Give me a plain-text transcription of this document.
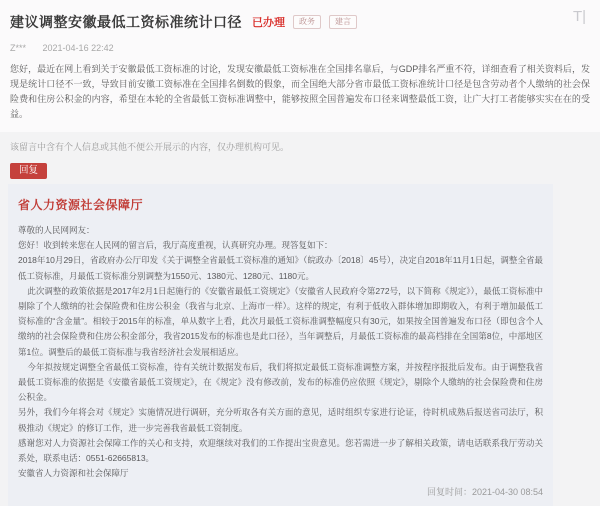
建议调整安徽最低工资标准统计口径 已办理	政务	建言
Z*** 2021-04-16 22:42
您好，最近在网上看到关于安徽最低工资标准的讨论，发现安徽最低工资标准在全国排名靠后，与GDP排名严重不符，详细查看了相关资料后，发现是统计口径不一致，导致目前安徽工资标准在全国排名倒数的假象，而全国绝大部分省市最低工资标准统计口径是包含劳动者个人缴纳的社会保险费和住房公积金的内容，希望在本轮的全省最低工资标准调整中，能够按照全国普遍发布口径来调整最低工资，让广大打工者能够实实在在的受益。
T|
该留言中含有个人信息或其他不便公开展示的内容，仅办理机构可见。
回复
省人力资源社会保障厅

尊敬的人民网网友：

您好！收到转来您在人民网的留言后，我厅高度重视，认真研究办理。现答复如下：

2018年10月29日，省政府办公厅印发《关于调整全省最低工资标准的通知》（皖政办〔2018〕45号），决定自2018年11月1日起，调整全省最低工资标准，月最低工资标准分别调整为1550元、1380元、1280元、1180元。

此次调整的政策依据是2017年2月1日起施行的《安徽省最低工资规定》（安徽省人民政府令第272号，以下简称《规定》），最低工资标准中剔除了个人缴纳的社会保险费和住房公积金（我省与北京、上海市一样）。这样的规定，有利于低收入群体增加即期收入，有利于增加最低工资标准的“含金量”。相较于2015年的标准，单从数字上看，此次月最低工资标准调整幅度只有30元，如果按全国普遍发布口径（即包含个人缴纳的社会保险费和住房公积金部分，我省2015发布的标准也是此口径），当年调整后，月最低工资标准的最高档排在全国第8位，中部地区第1位。调整后的最低工资标准与我省经济社会发展相适应。

今年拟按规定调整全省最低工资标准，待有关统计数据发布后，我们将拟定最低工资标准调整方案，并按程序报批后发布。由于调整我省最低工资标准的依据是《安徽省最低工资规定》，在《规定》没有修改前，发布的标准仍应依照《规定》，剔除个人缴纳的社会保险费和住房公积金。

另外，我们今年将会对《规定》实施情况进行调研，充分听取各有关方面的意见，适时组织专家进行论证，待时机成熟后报送省司法厅，积极推动《规定》的修订工作，进一步完善我省最低工资制度。

感谢您对人力资源社会保障工作的关心和支持，欢迎继续对我们的工作提出宝贵意见。您若需进一步了解相关政策，请电话联系我厅劳动关系处，联系电话：0551-62665813。

安徽省人力资源和社会保障厅

回复时间：2021-04-30 08:54
